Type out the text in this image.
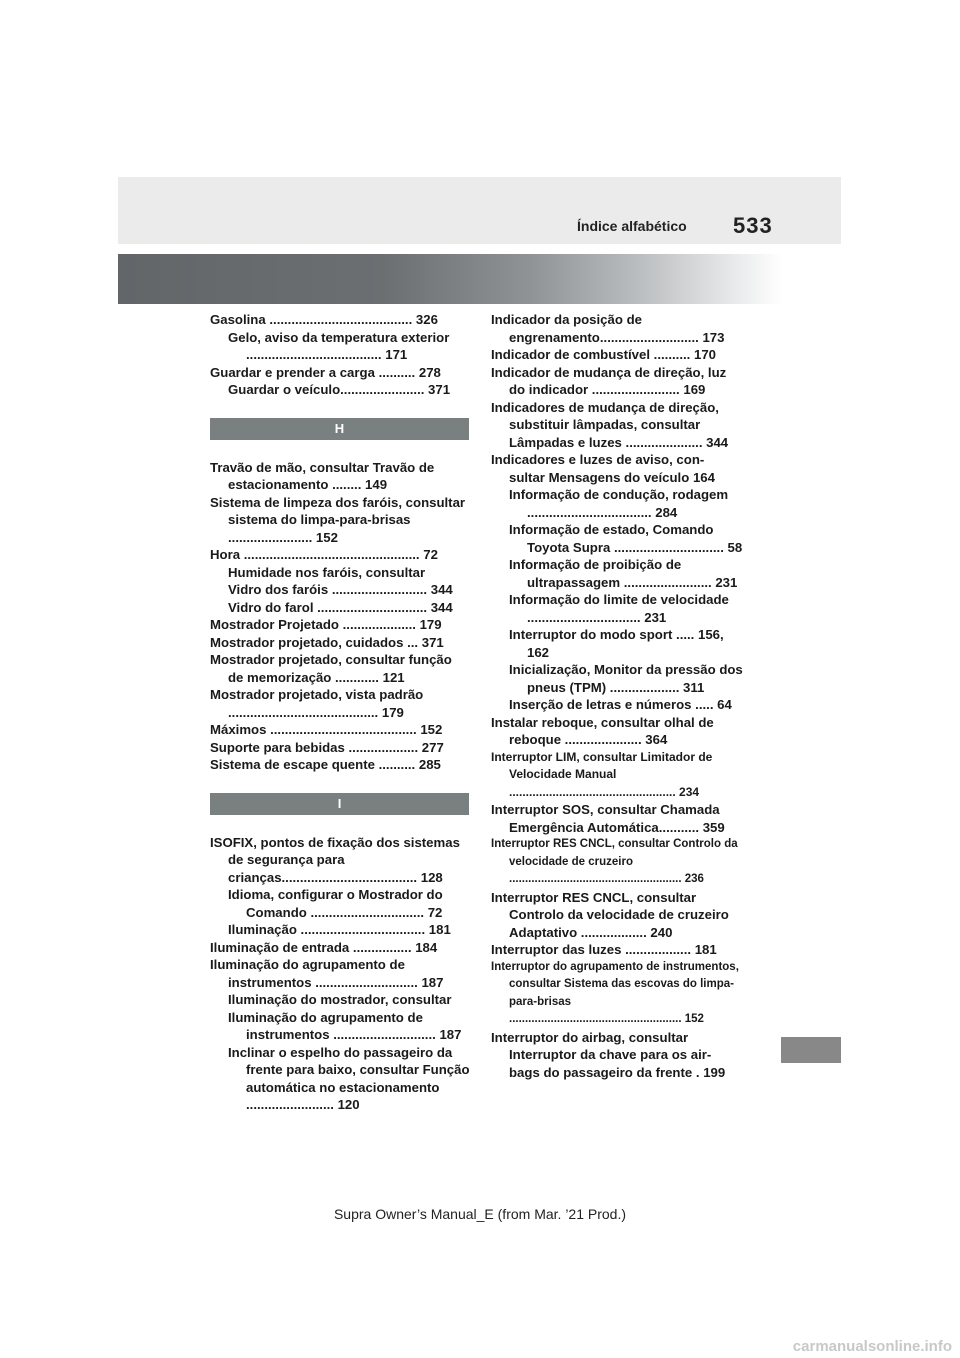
Índice alfabético 533
Gasolina ....................................... 326
Gelo, aviso da temperatura exterior ..................................... 171
Guardar e prender a carga .......... 278
Guardar o veículo....................... 371
H
Travão de mão, consultar Travão de estacionamento ........ 149
Sistema de limpeza dos faróis, consultar sistema do limpa-para-brisas ....................... 152
Hora ................................................ 72
Humidade nos faróis, consultar
Vidro dos faróis .......................... 344
Vidro do farol .............................. 344
Mostrador Projetado .................... 179
Mostrador projetado, cuidados ... 371
Mostrador projetado, consultar função de memorização ............ 121
Mostrador projetado, vista padrão ......................................... 179
Máximos ........................................ 152
Suporte para bebidas ................... 277
Sistema de escape quente .......... 285
I
ISOFIX, pontos de fixação dos sistemas de segurança para crianças..................................... 128
Idioma, configurar o Mostrador do Comando ............................... 72
Iluminação .................................. 181
Iluminação de entrada ................ 184
Iluminação do agrupamento de instrumentos ............................ 187
Iluminação do mostrador, consultar
Iluminação do agrupamento de instrumentos ............................ 187
Inclinar o espelho do passageiro da frente para baixo, consultar Função automática no estacionamento ........................ 120
Indicador da posição de engrenamento........................... 173
Indicador de combustível .......... 170
Indicador de mudança de direção, luz do indicador ........................ 169
Indicadores de mudança de direção, substituir lâmpadas, consultar Lâmpadas e luzes ..................... 344
Indicadores e luzes de aviso, con- sultar Mensagens do veículo 164
Informação de condução, rodagem .................................. 284
Informação de estado, Comando Toyota Supra .............................. 58
Informação de proibição de ultrapassagem ........................ 231
Informação do limite de velocidade ............................... 231
Interruptor do modo sport ..... 156, 162
Inicialização, Monitor da pressão dos pneus (TPM) ................... 311
Inserção de letras e números ..... 64
Instalar reboque, consultar olhal de reboque ..................... 364
Interruptor LIM, consultar Limitador de Velocidade Manual .................................................. 234
Interruptor SOS, consultar Chamada Emergência Automática........... 359
Interruptor RES CNCL, consultar Controlo da velocidade de cruzeiro ...................................................... 236
Interruptor RES CNCL, consultar Controlo da velocidade de cruzeiro Adaptativo .................. 240
Interruptor das luzes .................. 181
Interruptor do agrupamento de instrumentos, consultar Sistema das escovas do limpa-para-brisas ...................................................... 152
Interruptor do airbag, consultar Interruptor da chave para os air- bags do passageiro da frente . 199
Supra Owner’s Manual_E (from Mar. ’21 Prod.)
carmanualsonline.info
